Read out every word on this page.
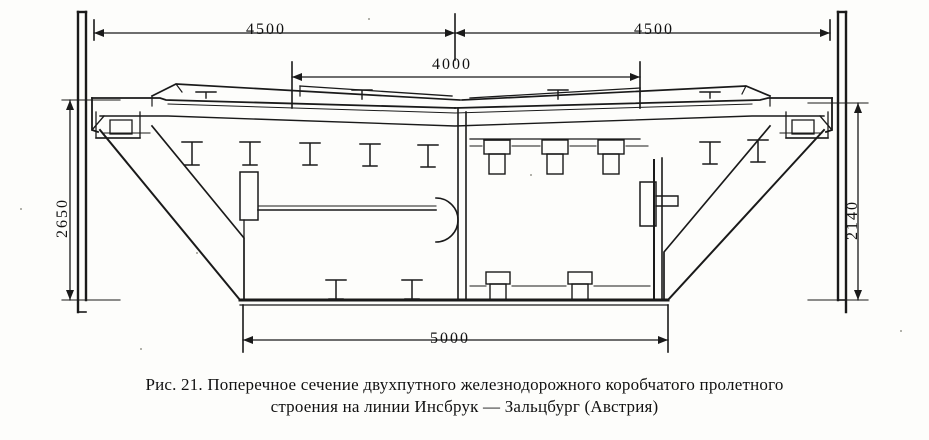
4500	4500
4000
5000
2650	2140
Рис. 21. Поперечное сечение двухпутного железнодорожного коробчатого пролетного
строения на линии Инсбрук — Зальцбург (Австрия)
